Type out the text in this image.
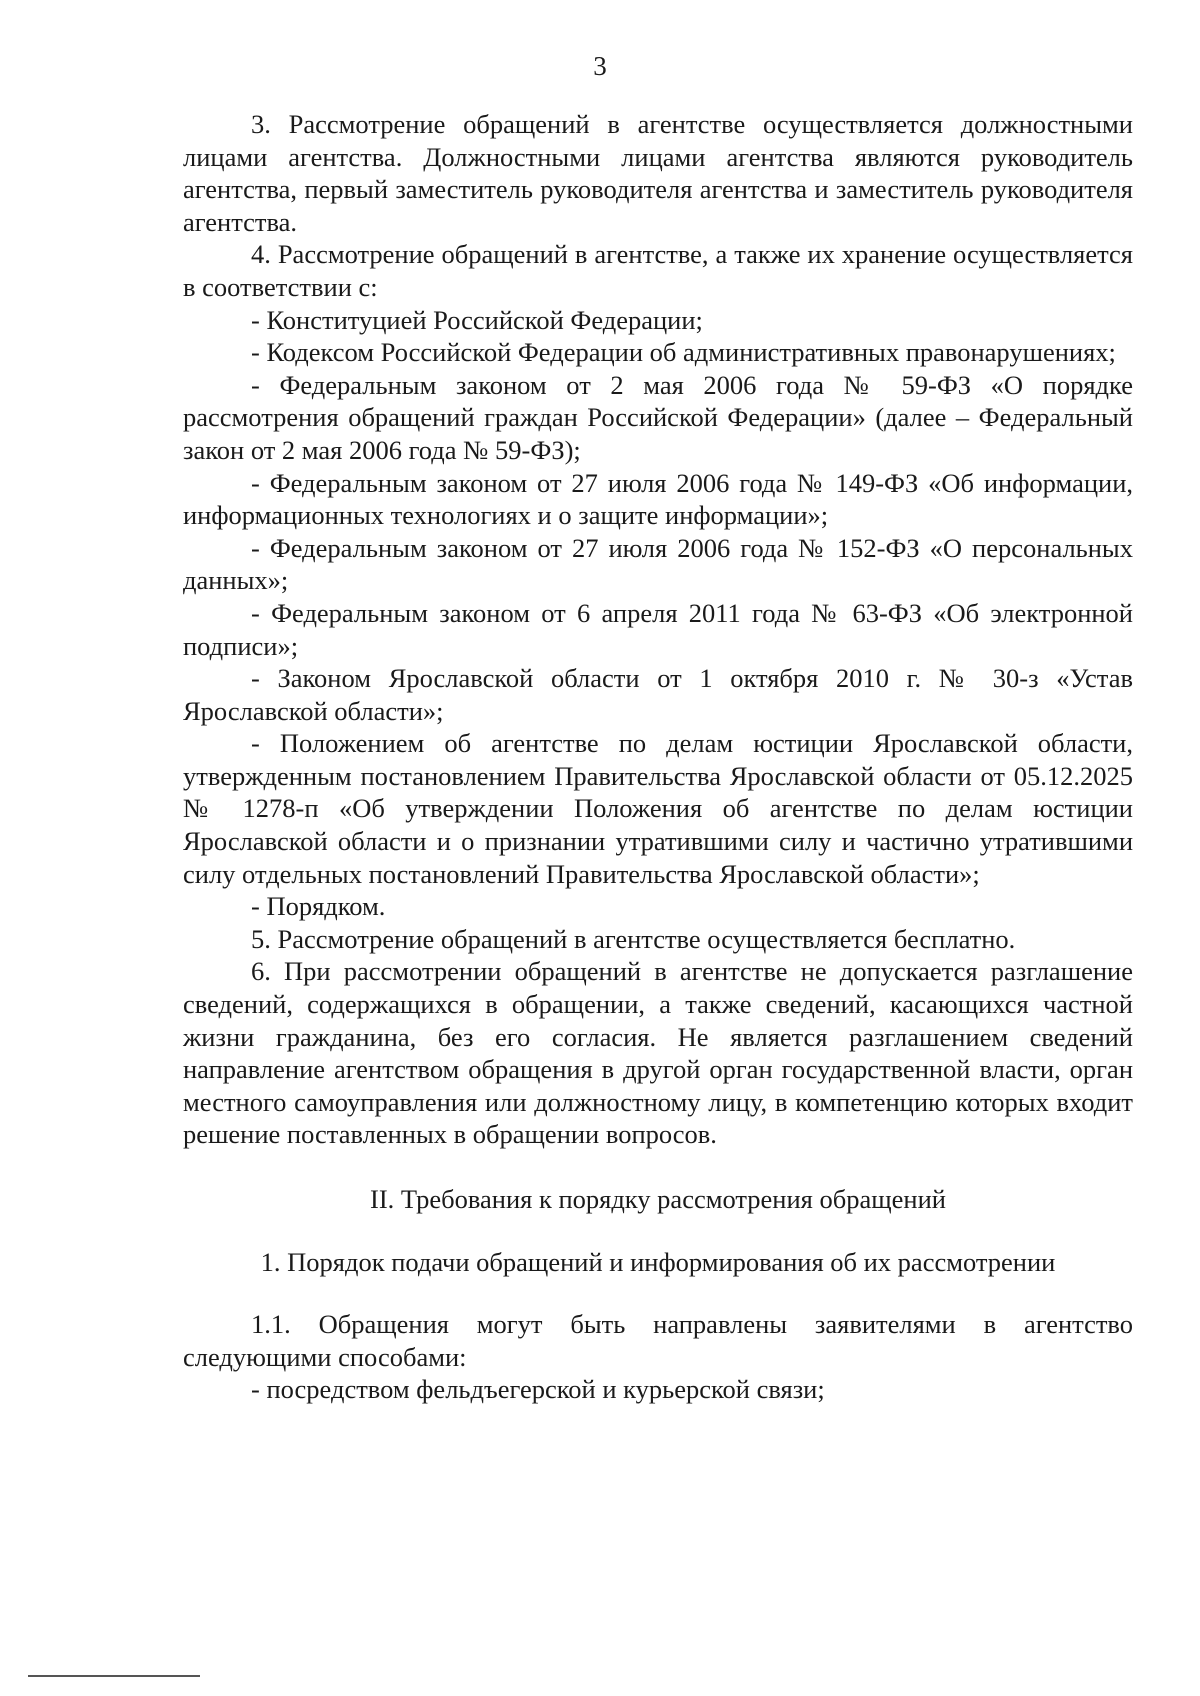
3

3. Рассмотрение обращений в агентстве осуществляется должностными лицами агентства. Должностными лицами агентства являются руководитель агентства, первый заместитель руководителя агентства и заместитель руководителя агентства.

4. Рассмотрение обращений в агентстве, а также их хранение осуществляется в соответствии с:

- Конституцией Российской Федерации;

- Кодексом Российской Федерации об административных правонарушениях;

- Федеральным законом от 2 мая 2006 года № 59-ФЗ «О порядке рассмотрения обращений граждан Российской Федерации» (далее – Федеральный закон от 2 мая 2006 года № 59-ФЗ);

- Федеральным законом от 27 июля 2006 года № 149-ФЗ «Об информации, информационных технологиях и о защите информации»;

- Федеральным законом от 27 июля 2006 года № 152-ФЗ «О персональных данных»;

- Федеральным законом от 6 апреля 2011 года № 63-ФЗ «Об электронной подписи»;

- Законом Ярославской области от 1 октября 2010 г. № 30-з «Устав Ярославской области»;

- Положением об агентстве по делам юстиции Ярославской области, утвержденным постановлением Правительства Ярославской области от 05.12.2025 № 1278-п «Об утверждении Положения об агентстве по делам юстиции Ярославской области и о признании утратившими силу и частично утратившими силу отдельных постановлений Правительства Ярославской области»;

- Порядком.

5. Рассмотрение обращений в агентстве осуществляется бесплатно.

6. При рассмотрении обращений в агентстве не допускается разглашение сведений, содержащихся в обращении, а также сведений, касающихся частной жизни гражданина, без его согласия. Не является разглашением сведений направление агентством обращения в другой орган государственной власти, орган местного самоуправления или должностному лицу, в компетенцию которых входит решение поставленных в обращении вопросов.

II. Требования к порядку рассмотрения обращений

1. Порядок подачи обращений и информирования об их рассмотрении

1.1. Обращения могут быть направлены заявителями в агентство следующими способами:

- посредством фельдъегерской и курьерской связи;
